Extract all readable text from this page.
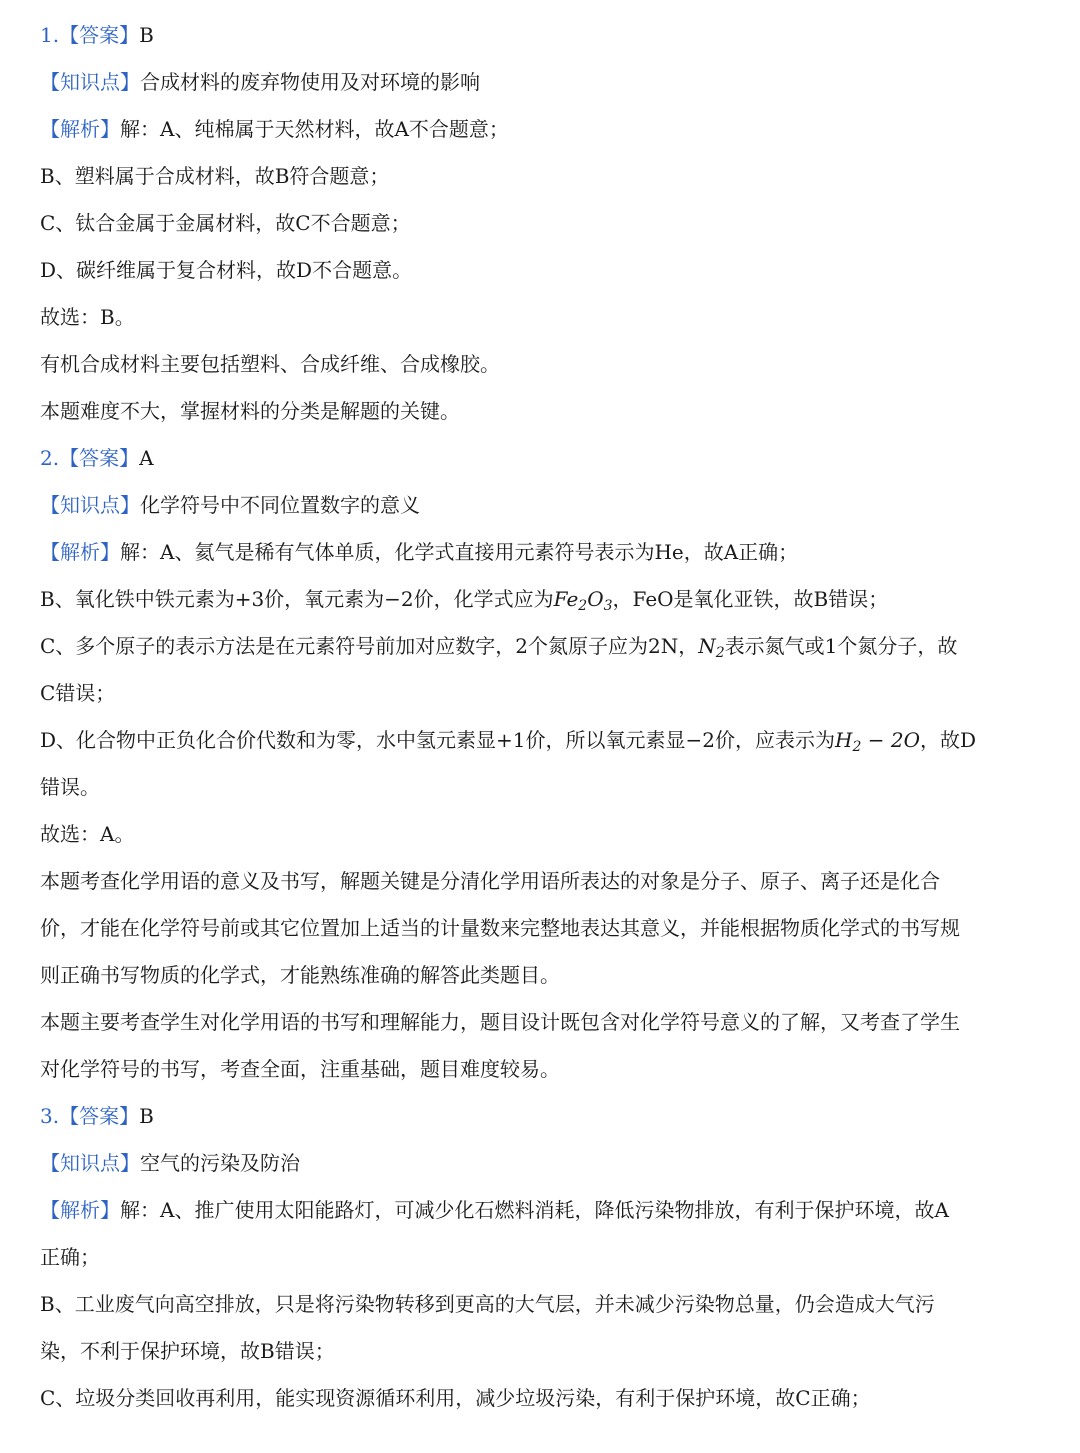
1.【答案】B
【知识点】合成材料的废弃物使用及对环境的影响
【解析】解：A、纯棉属于天然材料，故A不合题意；
B、塑料属于合成材料，故B符合题意；
C、钛合金属于金属材料，故C不合题意；
D、碳纤维属于复合材料，故D不合题意。
故选：B。
有机合成材料主要包括塑料、合成纤维、合成橡胶。
本题难度不大，掌握材料的分类是解题的关键。
2.【答案】A
【知识点】化学符号中不同位置数字的意义
【解析】解：A、氦气是稀有气体单质，化学式直接用元素符号表示为He，故A正确；
B、氧化铁中铁元素为+3价，氧元素为−2价，化学式应为$Fe_2O_3$，FeO是氧化亚铁，故B错误；
C、多个原子的表示方法是在元素符号前加对应数字，2个氮原子应为2N，$N_2$表示氮气或1个氮分子，故
C错误；
D、化合物中正负化合价代数和为零，水中氢元素显+1价，所以氧元素显−2价，应表示为$H_2 - 2O$，故D
错误。
故选：A。
本题考查化学用语的意义及书写，解题关键是分清化学用语所表达的对象是分子、原子、离子还是化合
价，才能在化学符号前或其它位置加上适当的计量数来完整地表达其意义，并能根据物质化学式的书写规
则正确书写物质的化学式，才能熟练准确的解答此类题目。
本题主要考查学生对化学用语的书写和理解能力，题目设计既包含对化学符号意义的了解，又考查了学生
对化学符号的书写，考查全面，注重基础，题目难度较易。
3.【答案】B
【知识点】空气的污染及防治
【解析】解：A、推广使用太阳能路灯，可减少化石燃料消耗，降低污染物排放，有利于保护环境，故A
正确；
B、工业废气向高空排放，只是将污染物转移到更高的大气层，并未减少污染物总量，仍会造成大气污
染，不利于保护环境，故B错误；
C、垃圾分类回收再利用，能实现资源循环利用，减少垃圾污染，有利于保护环境，故C正确；
